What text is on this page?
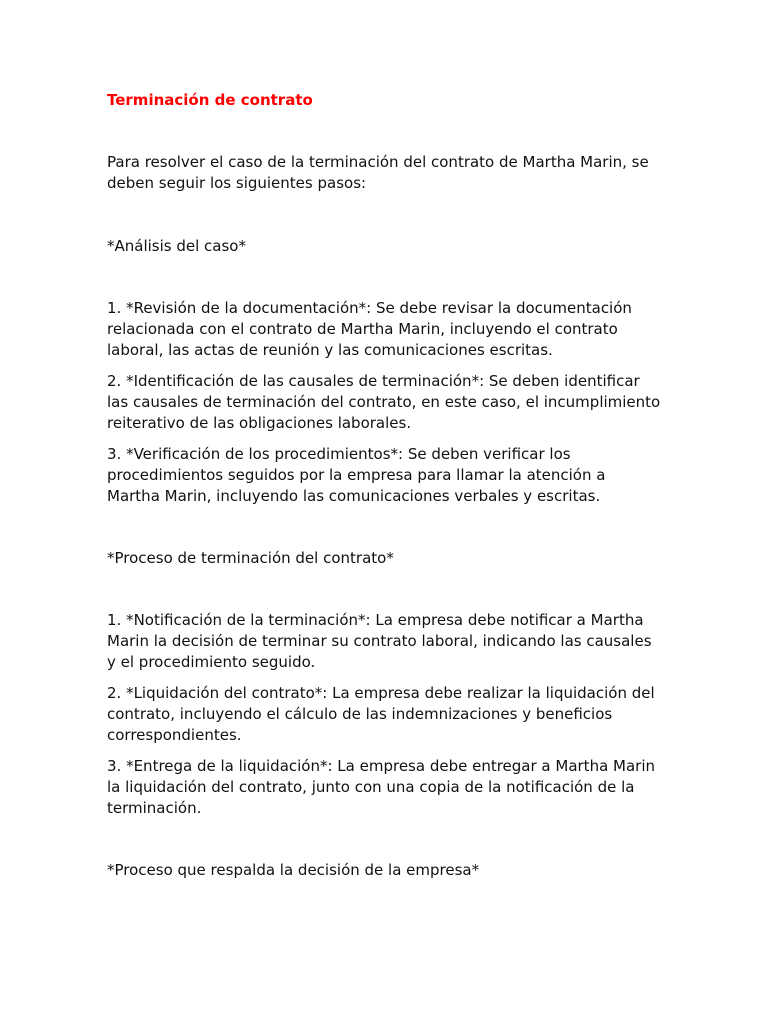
Terminación de contrato

Para resolver el caso de la terminación del contrato de Martha Marin, se deben seguir los siguientes pasos:

*Análisis del caso*

1. *Revisión de la documentación*: Se debe revisar la documentación relacionada con el contrato de Martha Marin, incluyendo el contrato laboral, las actas de reunión y las comunicaciones escritas.

2. *Identificación de las causales de terminación*: Se deben identificar las causales de terminación del contrato, en este caso, el incumplimiento reiterativo de las obligaciones laborales.

3. *Verificación de los procedimientos*: Se deben verificar los procedimientos seguidos por la empresa para llamar la atención a Martha Marin, incluyendo las comunicaciones verbales y escritas.

*Proceso de terminación del contrato*

1. *Notificación de la terminación*: La empresa debe notificar a Martha Marin la decisión de terminar su contrato laboral, indicando las causales y el procedimiento seguido.

2. *Liquidación del contrato*: La empresa debe realizar la liquidación del contrato, incluyendo el cálculo de las indemnizaciones y beneficios correspondientes.

3. *Entrega de la liquidación*: La empresa debe entregar a Martha Marin la liquidación del contrato, junto con una copia de la notificación de la terminación.

*Proceso que respalda la decisión de la empresa*
